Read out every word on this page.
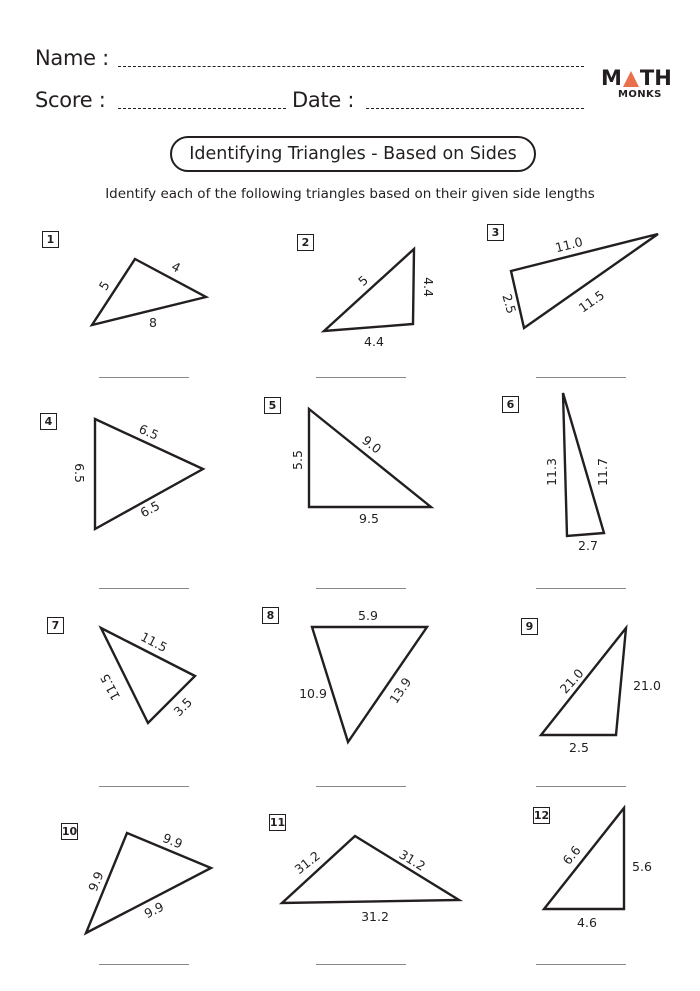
Name :
Score :	Date :
M TH
MONKS
Identifying Triangles - Based on Sides
Identify each of the following triangles based on their given side lengths
5
4
8
5	4.4
4.4
11.0
2.5	11.5
6.5
6.5
6.5
5.5
9.0
9.5
11.3	11.7
2.7
11.5
11.5
3.5
5.9
10.9	13.9	21.0	21.0
2.5
9.9
9.9
9.9
31.2	31.2
31.2
6.6	5.6
4.6
1	2
3
4
5	6
7
8
9
10
11
12
